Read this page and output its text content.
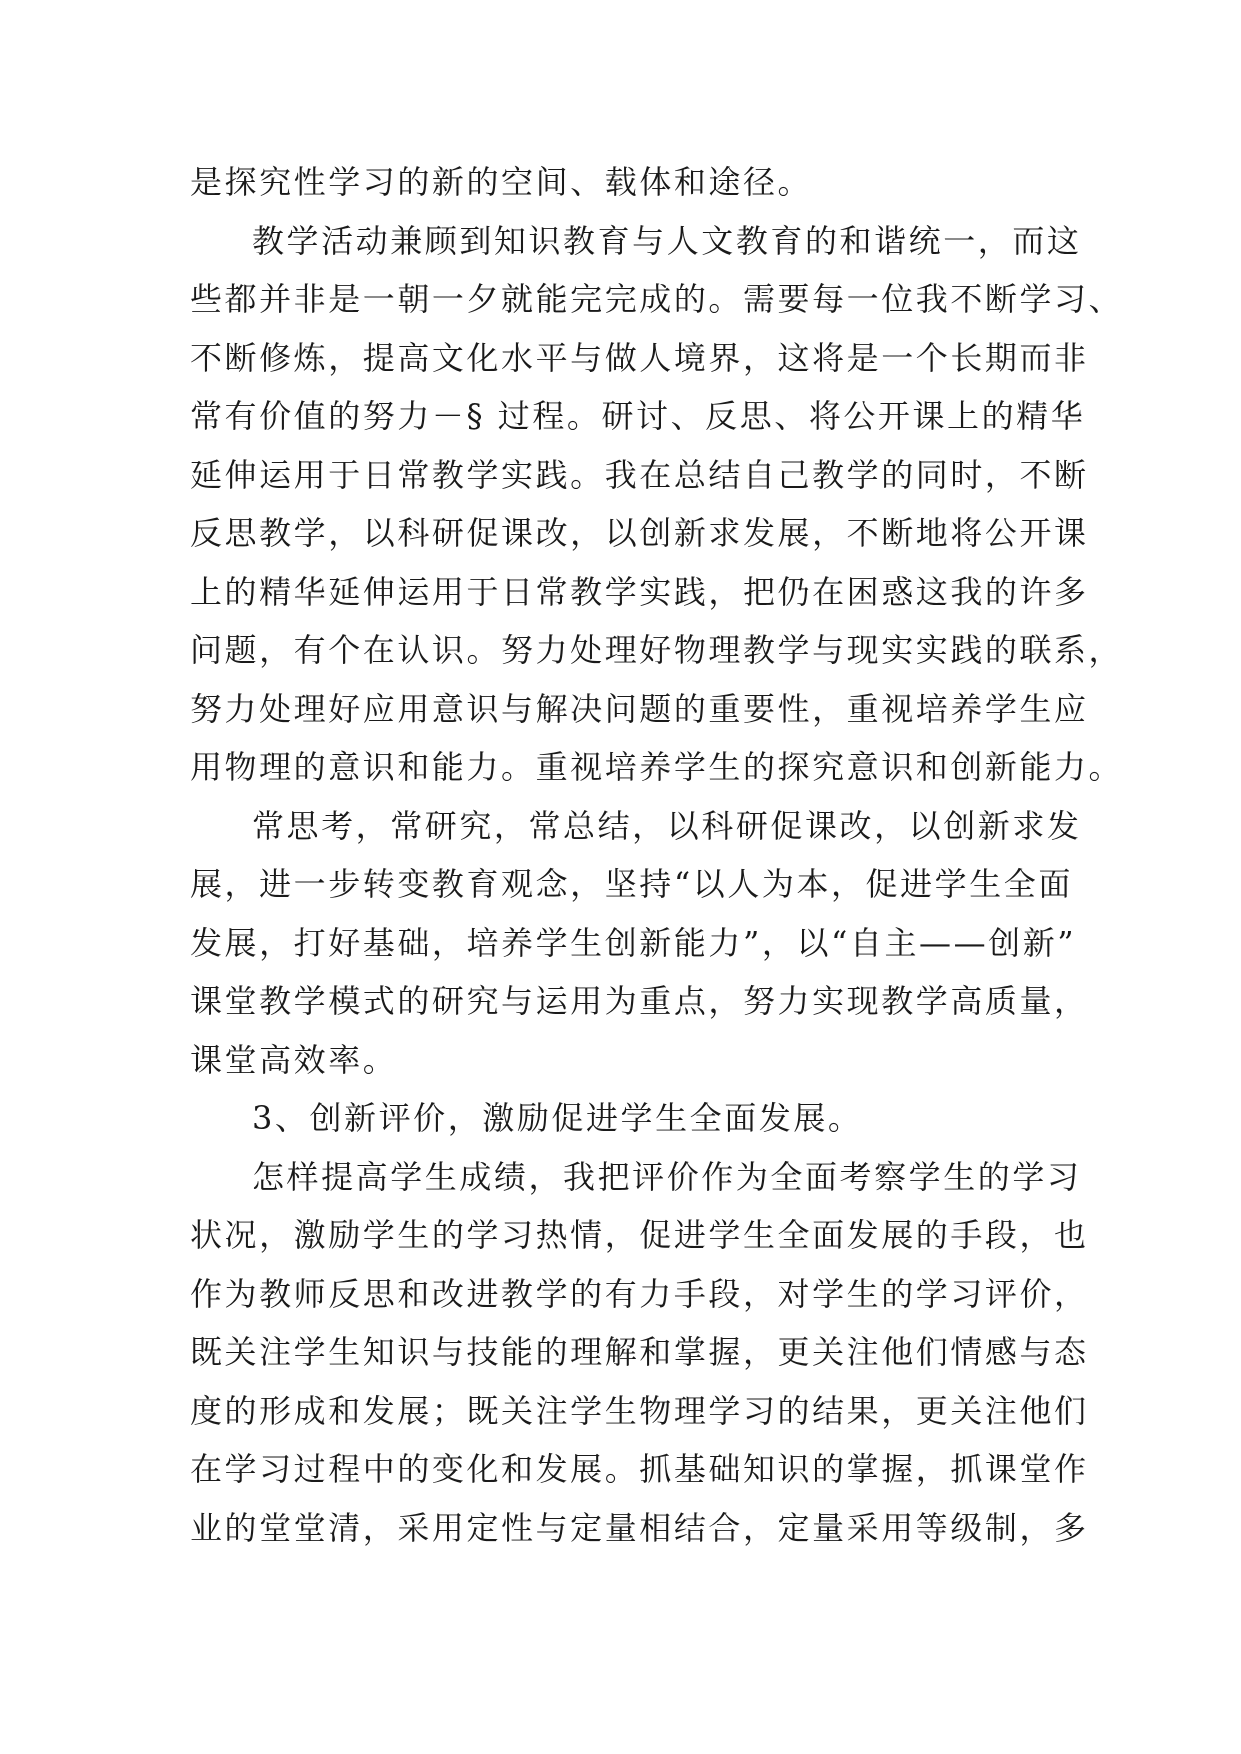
是探究性学习的新的空间、载体和途径。
教学活动兼顾到知识教育与人文教育的和谐统一，而这
些都并非是一朝一夕就能完完成的。需要每一位我不断学习、
不断修炼，提高文化水平与做人境界，这将是一个长期而非
常有价值的努力－§ 过程。研讨、反思、将公开课上的精华
延伸运用于日常教学实践。我在总结自己教学的同时，不断
反思教学，以科研促课改，以创新求发展，不断地将公开课
上的精华延伸运用于日常教学实践，把仍在困惑这我的许多
问题，有个在认识。努力处理好物理教学与现实实践的联系，
努力处理好应用意识与解决问题的重要性，重视培养学生应
用物理的意识和能力。重视培养学生的探究意识和创新能力。
常思考，常研究，常总结，以科研促课改，以创新求发
展，进一步转变教育观念，坚持“以人为本，促进学生全面
发展，打好基础，培养学生创新能力”，以“自主——创新”
课堂教学模式的研究与运用为重点，努力实现教学高质量，
课堂高效率。
3、创新评价，激励促进学生全面发展。
怎样提高学生成绩，我把评价作为全面考察学生的学习
状况，激励学生的学习热情，促进学生全面发展的手段，也
作为教师反思和改进教学的有力手段，对学生的学习评价，
既关注学生知识与技能的理解和掌握，更关注他们情感与态
度的形成和发展；既关注学生物理学习的结果，更关注他们
在学习过程中的变化和发展。抓基础知识的掌握，抓课堂作
业的堂堂清，采用定性与定量相结合，定量采用等级制，多
